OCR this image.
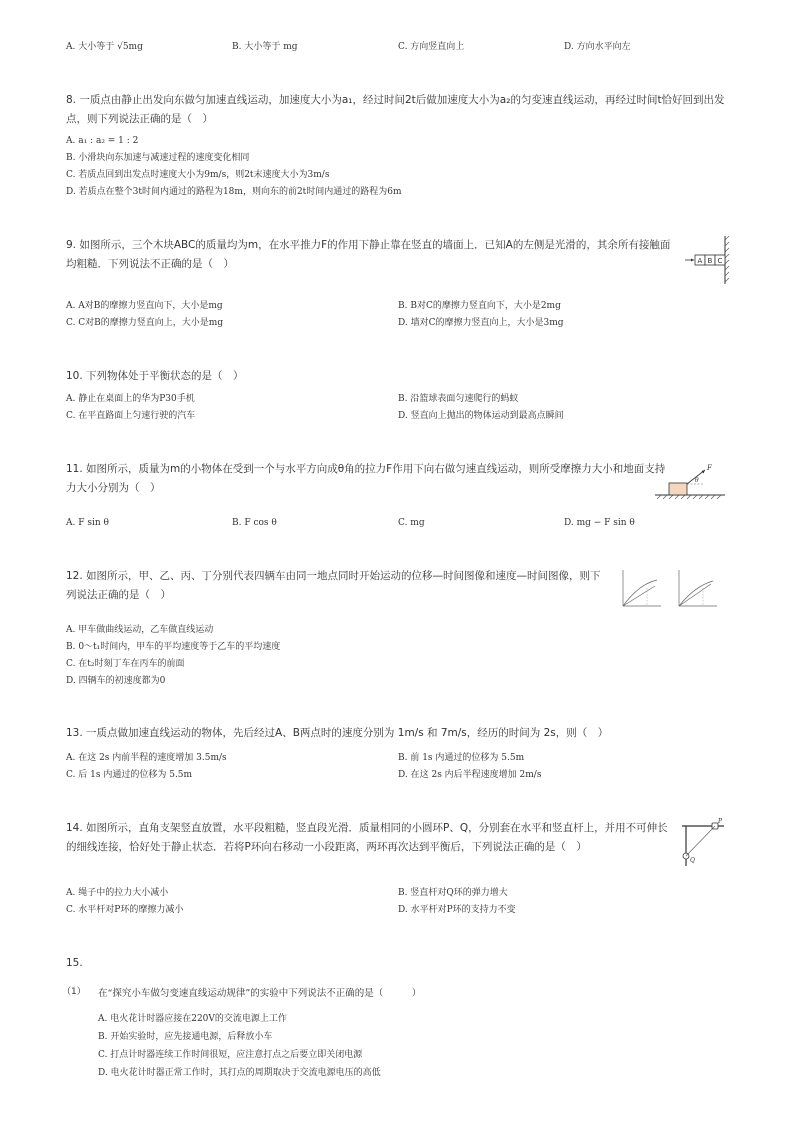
A. 大小等于 √5mg	B. 大小等于 mg	C. 方向竖直向上	D. 方向水平向左
8. 一质点由静止出发向东做匀加速直线运动，加速度大小为a₁，经过时间2t后做加速度大小为a₂的匀变速直线运动，再经过时间t恰好回到出发点，则下列说法正确的是（　）
A. a₁ : a₂ = 1 : 2
B. 小滑块向东加速与减速过程的速度变化相同
C. 若质点回到出发点时速度大小为9m/s，则2t末速度大小为3m/s
D. 若质点在整个3t时间内通过的路程为18m，则向东的前2t时间内通过的路程为6m
9. 如图所示，三个木块ABC的质量均为m，在水平推力F的作用下静止靠在竖直的墙面上．已知A的左侧是光滑的，其余所有接触面均粗糙．下列说法不正确的是（　）	A B C
A. A对B的摩擦力竖直向下，大小是mg	B. B对C的摩擦力竖直向下，大小是2mg
C. C对B的摩擦力竖直向上，大小是mg	D. 墙对C的摩擦力竖直向上，大小是3mg
10. 下列物体处于平衡状态的是（　）
A. 静止在桌面上的华为P30手机	B. 沿篮球表面匀速爬行的蚂蚁
C. 在平直路面上匀速行驶的汽车	D. 竖直向上抛出的物体运动到最高点瞬间
11. 如图所示，质量为m的小物体在受到一个与水平方向成θ角的拉力F作用下向右做匀速直线运动，则所受摩擦力大小和地面支持力大小分别为（　）
F
θ
A. F sin θ	B. F cos θ	C. mg	D. mg − F sin θ
12. 如图所示，甲、乙、丙、丁分别代表四辆车由同一地点同时开始运动的位移—时间图像和速度—时间图像，则下列说法正确的是（　）
A. 甲车做曲线运动，乙车做直线运动
B. 0～t₁时间内，甲车的平均速度等于乙车的平均速度
C. 在t₂时刻丁车在丙车的前面
D. 四辆车的初速度都为0
13. 一质点做加速直线运动的物体，先后经过A、B两点时的速度分别为 1m/s 和 7m/s，经历的时间为 2s，则（　）
A. 在这 2s 内前半程的速度增加 3.5m/s	B. 前 1s 内通过的位移为 5.5m
C. 后 1s 内通过的位移为 5.5m	D. 在这 2s 内后半程速度增加 2m/s
14. 如图所示，直角支架竖直放置，水平段粗糙，竖直段光滑．质量相同的小圆环P、Q，分别套在水平和竖直杆上，并用不可伸长的细线连接，恰好处于静止状态．若将P环向右移动一小段距离，两环再次达到平衡后，下列说法正确的是（　）
P
Q
A. 绳子中的拉力大小减小	B. 竖直杆对Q环的弹力增大
C. 水平杆对P环的摩擦力减小	D. 水平杆对P环的支持力不变
15.
（1） 在“探究小车做匀变速直线运动规律”的实验中下列说法不正确的是（　　　）
A. 电火花计时器应接在220V的交流电源上工作
B. 开始实验时，应先接通电源，后释放小车
C. 打点计时器连续工作时间很短，应注意打点之后要立即关闭电源
D. 电火花计时器正常工作时，其打点的周期取决于交流电源电压的高低
